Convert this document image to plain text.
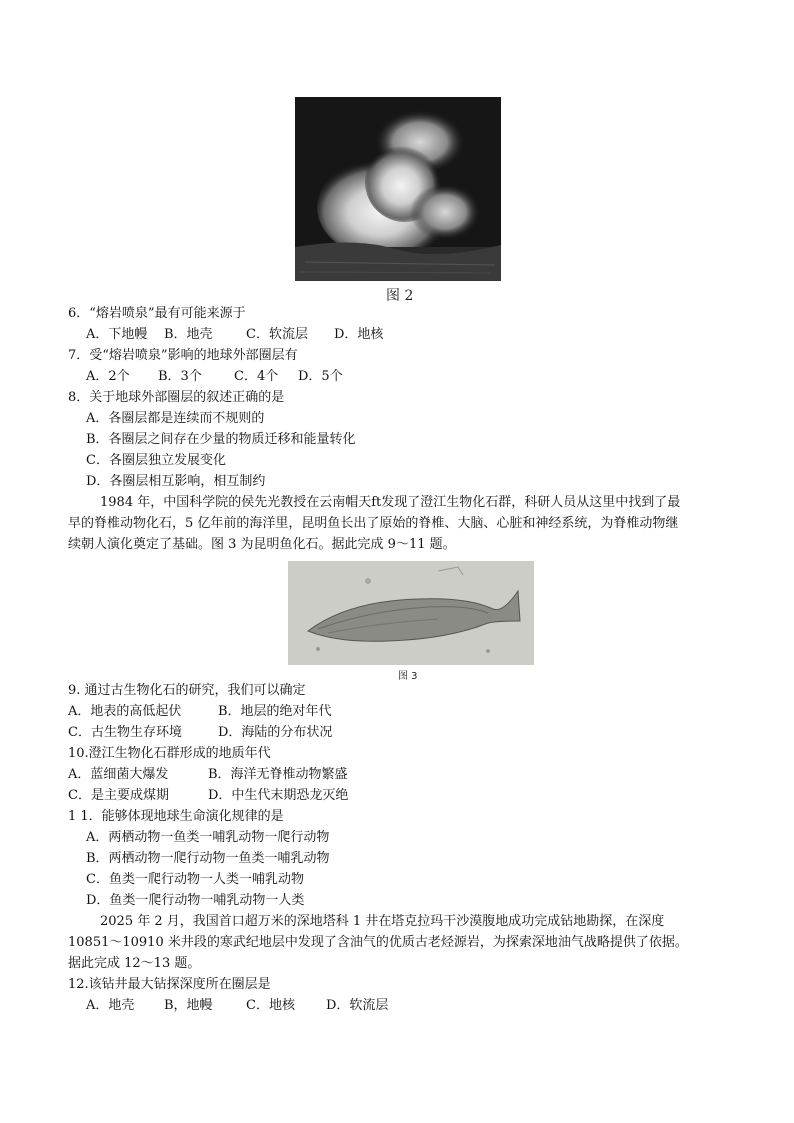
图 2
6．“熔岩喷泉”最有可能来源于
A．下地幔 B．地壳	C．软流层 D．地核
7．受“熔岩喷泉”影响的地球外部圈层有
A．2个 B．3个 C．4个 D．5个
8．关于地球外部圈层的叙述正确的是
A．各圈层都是连续而不规则的
B．各圈层之间存在少量的物质迁移和能量转化
C．各圈层独立发展变化
D．各圈层相互影响，相互制约
1984 年，中国科学院的侯先光教授在云南帽天ft发现了澄江生物化石群，科研人员从这里中找到了最
早的脊椎动物化石，5 亿年前的海洋里，昆明鱼长出了原始的脊椎、大脑、心脏和神经系统，为脊椎动物继
续朝人演化奠定了基础。图 3 为昆明鱼化石。据此完成 9～11 题。
图 3
9. 通过古生物化石的研究，我们可以确定
A．地表的高低起伏	B．地层的绝对年代
C．古生物生存环境	D．海陆的分布状况
10.澄江生物化石群形成的地质年代
A．蓝细菌大爆发	B．海洋无脊椎动物繁盛
C．是主要成煤期	D．中生代末期恐龙灭绝
1 1．能够体现地球生命演化规律的是
A．两栖动物一鱼类一哺乳动物一爬行动物
B．两栖动物一爬行动物一鱼类一哺乳动物
C．鱼类一爬行动物一人类一哺乳动物
D．鱼类一爬行动物一哺乳动物一人类
2025 年 2 月，我国首口超万米的深地塔科 1 井在塔克拉玛干沙漠腹地成功完成钻地勘探，在深度
10851～10910 米井段的寒武纪地层中发现了含油气的优质古老烃源岩，为探索深地油气战略提供了依据。
据此完成 12～13 题。
12.该钻井最大钻探深度所在圈层是
A．地壳 B，地幔	C．地核 D．软流层
